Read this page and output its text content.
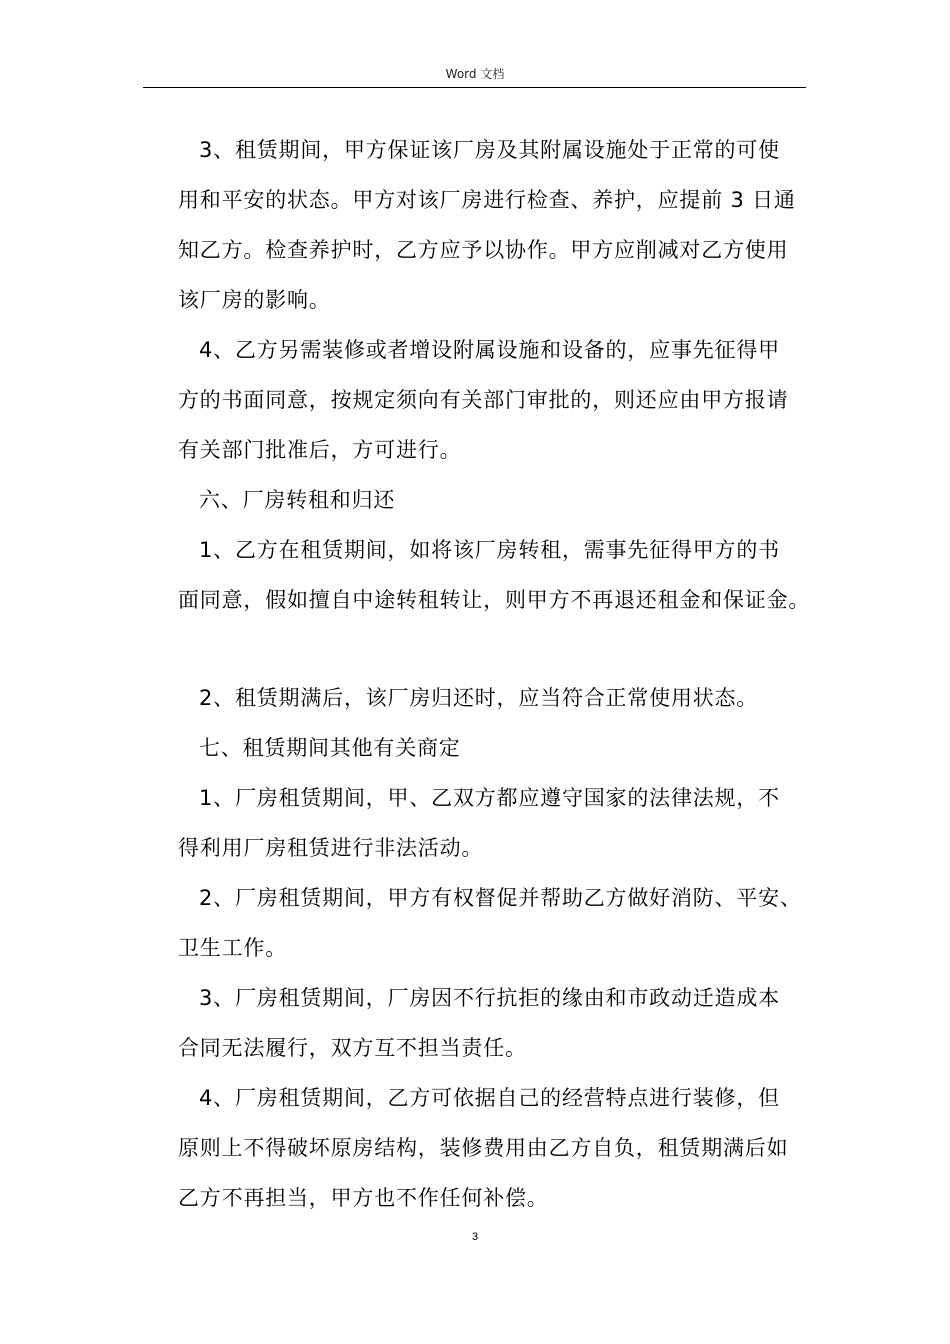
Word 文档
3、租赁期间，甲方保证该厂房及其附属设施处于正常的可使
用和平安的状态。甲方对该厂房进行检查、养护，应提前 3 日通
知乙方。检查养护时，乙方应予以协作。甲方应削减对乙方使用
该厂房的影响。
4、乙方另需装修或者增设附属设施和设备的，应事先征得甲
方的书面同意，按规定须向有关部门审批的，则还应由甲方报请
有关部门批准后，方可进行。
六、厂房转租和归还
1、乙方在租赁期间，如将该厂房转租，需事先征得甲方的书
面同意，假如擅自中途转租转让，则甲方不再退还租金和保证金。
2、租赁期满后，该厂房归还时，应当符合正常使用状态。
七、租赁期间其他有关商定
1、厂房租赁期间，甲、乙双方都应遵守国家的法律法规，不
得利用厂房租赁进行非法活动。
2、厂房租赁期间，甲方有权督促并帮助乙方做好消防、平安、
卫生工作。
3、厂房租赁期间，厂房因不行抗拒的缘由和市政动迁造成本
合同无法履行，双方互不担当责任。
4、厂房租赁期间，乙方可依据自己的经营特点进行装修，但
原则上不得破坏原房结构，装修费用由乙方自负，租赁期满后如
乙方不再担当，甲方也不作任何补偿。
3
